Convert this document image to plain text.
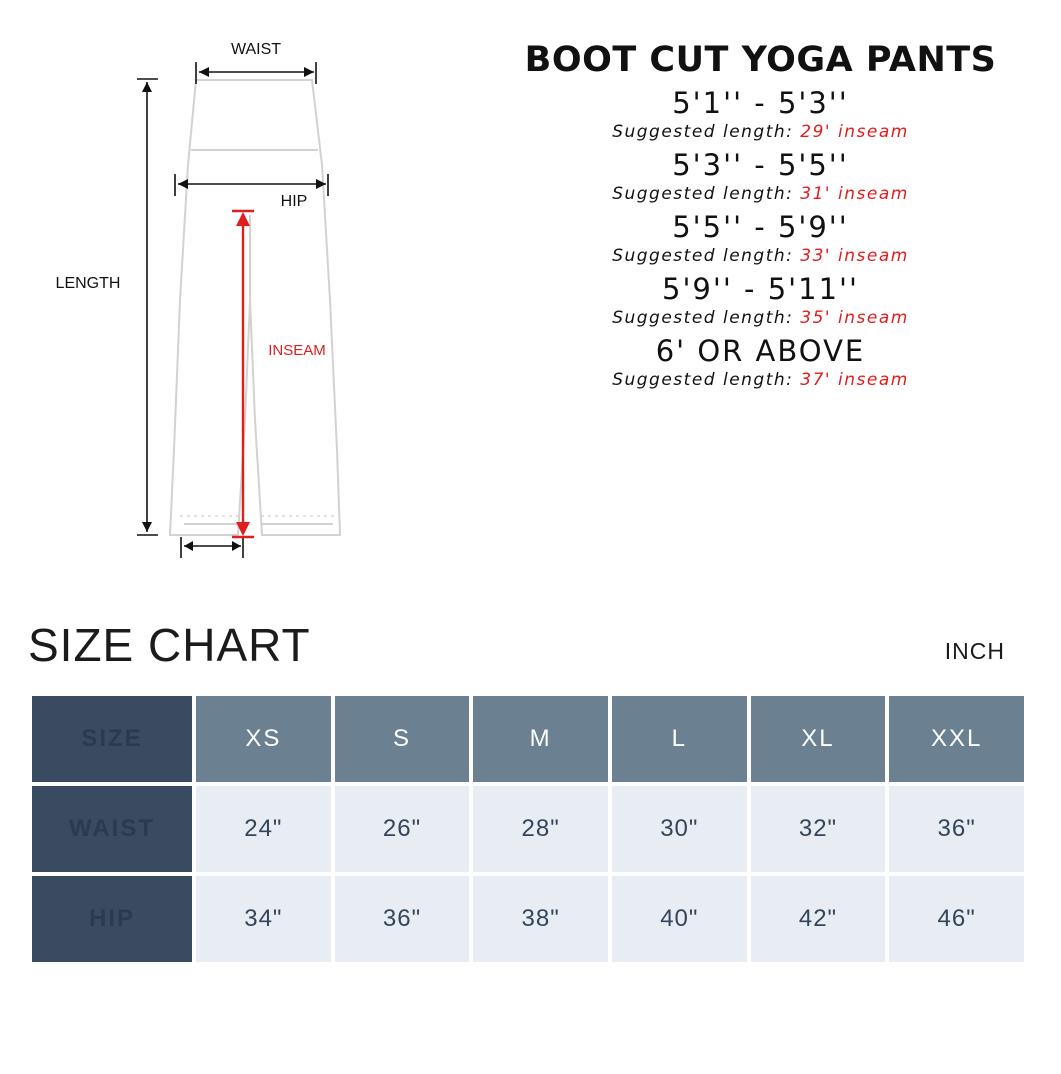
WAIST
HIP
LENGTH
INSEAM
BOOT CUT YOGA PANTS
5'1'' - 5'3''
Suggested length: 29' inseam
5'3'' - 5'5''
Suggested length: 31' inseam
5'5'' - 5'9''
Suggested length: 33' inseam
5'9'' - 5'11''
Suggested length: 35' inseam
6' OR ABOVE
Suggested length: 37' inseam
SIZE CHART	INCH
SIZE	XS	S	M	L	XL	XXL
WAIST	24"	26"	28"	30"	32"	36"
HIP	34"	36"	38"	40"	42"	46"
